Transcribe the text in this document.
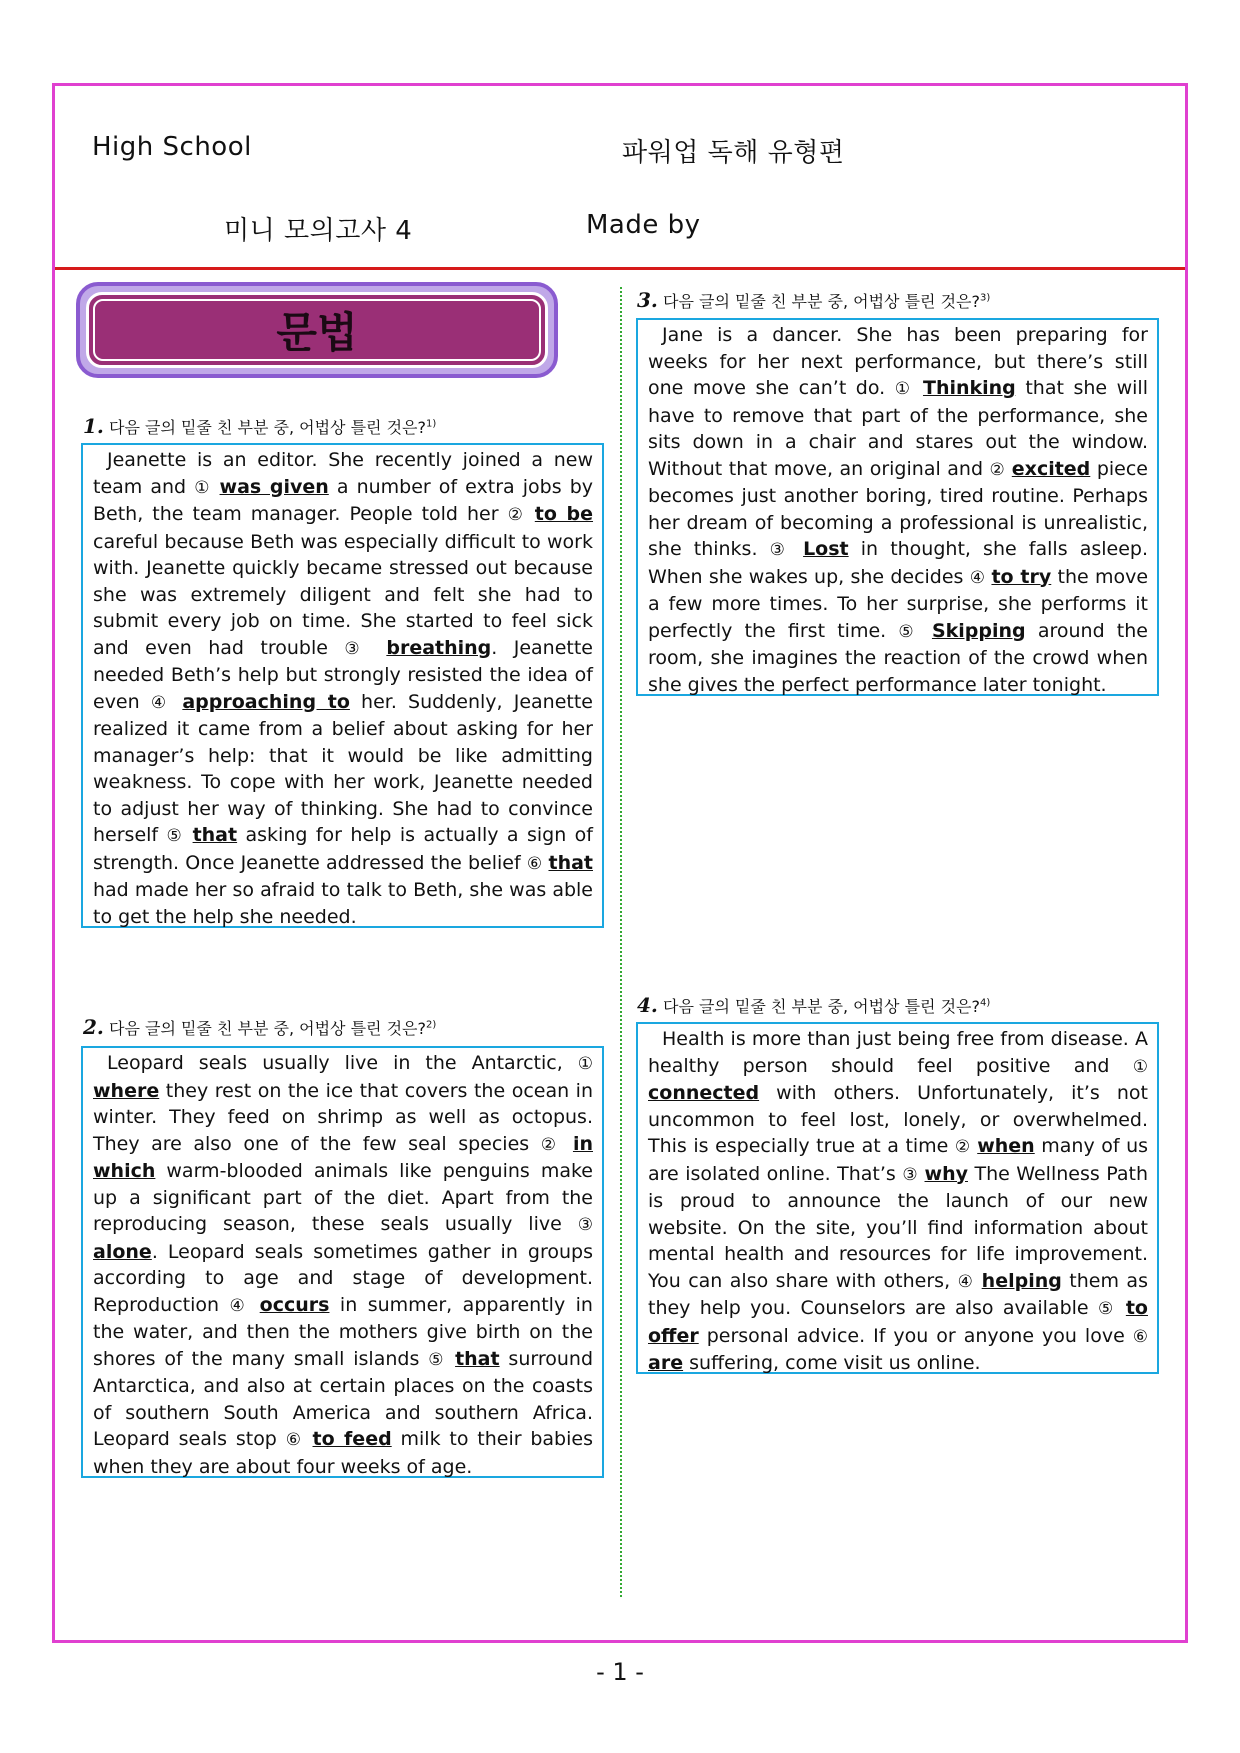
High School	파워업 독해 유형편
미니 모의고사 4	Made by
문법
1. 다음 글의 밑줄 친 부분 중, 어법상 틀린 것은?$^{1)}$

Jeanette is an editor. She recently joined a new team and ① was given a number of extra jobs by Beth, the team manager. People told her ② to be careful because Beth was especially difficult to work with. Jeanette quickly became stressed out because she was extremely diligent and felt she had to submit every job on time. She started to feel sick and even had trouble ③ breathing. Jeanette needed Beth’s help but strongly resisted the idea of even ④ approaching to her. Suddenly, Jeanette realized it came from a belief about asking for her manager’s help: that it would be like admitting weakness. To cope with her work, Jeanette needed to adjust her way of thinking. She had to convince herself ⑤ that asking for help is actually a sign of strength. Once Jeanette addressed the belief ⑥ that had made her so afraid to talk to Beth, she was able to get the help she needed.

2. 다음 글의 밑줄 친 부분 중, 어법상 틀린 것은?$^{2)}$

Leopard seals usually live in the Antarctic, ① where they rest on the ice that covers the ocean in winter. They feed on shrimp as well as octopus. They are also one of the few seal species ② in which warm-blooded animals like penguins make up a significant part of the diet. Apart from the reproducing season, these seals usually live ③ alone. Leopard seals sometimes gather in groups according to age and stage of development. Reproduction ④ occurs in summer, apparently in the water, and then the mothers give birth on the shores of the many small islands ⑤ that surround Antarctica, and also at certain places on the coasts of southern South America and southern Africa. Leopard seals stop ⑥ to feed milk to their babies when they are about four weeks of age.

3. 다음 글의 밑줄 친 부분 중, 어법상 틀린 것은?$^{3)}$

Jane is a dancer. She has been preparing for weeks for her next performance, but there’s still one move she can’t do. ① Thinking that she will have to remove that part of the performance, she sits down in a chair and stares out the window. Without that move, an original and ② excited piece becomes just another boring, tired routine. Perhaps her dream of becoming a professional is unrealistic, she thinks. ③ Lost in thought, she falls asleep. When she wakes up, she decides ④ to try the move a few more times. To her surprise, she performs it perfectly the first time. ⑤ Skipping around the room, she imagines the reaction of the crowd when she gives the perfect performance later tonight.

4. 다음 글의 밑줄 친 부분 중, 어법상 틀린 것은?$^{4)}$

Health is more than just being free from disease. A healthy person should feel positive and ① connected with others. Unfortunately, it’s not uncommon to feel lost, lonely, or overwhelmed. This is especially true at a time ② when many of us are isolated online. That’s ③ why The Wellness Path is proud to announce the launch of our new website. On the site, you’ll find information about mental health and resources for life improvement. You can also share with others, ④ helping them as they help you. Counselors are also available ⑤ to offer personal advice. If you or anyone you love ⑥ are suffering, come visit us online.

- 1 -
